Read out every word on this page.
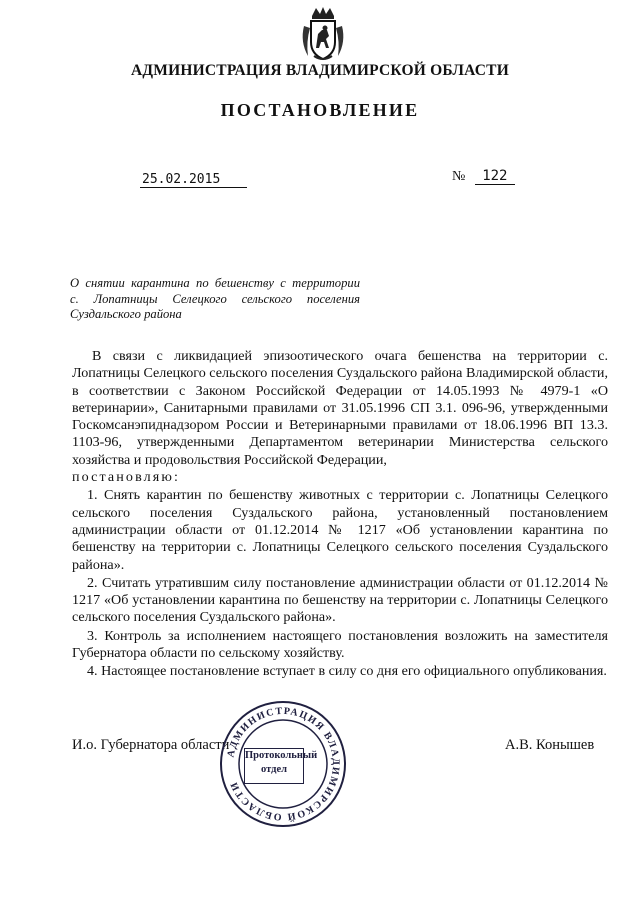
АДМИНИСТРАЦИЯ ВЛАДИМИРСКОЙ ОБЛАСТИ
ПОСТАНОВЛЕНИЕ
25.02.2015	№ 122
О снятии карантина по бешенству с территории
с. Лопатницы Селецкого сельского поселения
Суздальского района

В связи с ликвидацией эпизоотического очага бешенства на территории с. Лопатницы Селецкого сельского поселения Суздальского района Владимирской области, в соответствии с Законом Российской Федерации от 14.05.1993 № 4979-1 «О ветеринарии», Санитарными правилами от 31.05.1996 СП 3.1. 096-96, утвержденными Госкомсанэпиднадзором России и Ветеринарными правилами от 18.06.1996 ВП 13.3. 1103-96, утвержденными Департаментом ветеринарии Министерства сельского хозяйства и продовольствия Российской Федерации,

постановляю:

1. Снять карантин по бешенству животных с территории с. Лопатницы Селецкого сельского поселения Суздальского района, установленный постановлением администрации области от 01.12.2014 № 1217 «Об установлении карантина по бешенству на территории с. Лопатницы Селецкого сельского поселения Суздальского района».

2. Считать утратившим силу постановление администрации области от 01.12.2014 № 1217 «Об установлении карантина по бешенству на территории с. Лопатницы Селецкого сельского поселения Суздальского района».

3. Контроль за исполнением настоящего постановления возложить на заместителя Губернатора области по сельскому хозяйству.

4. Настоящее постановление вступает в силу со дня его официального опубликования.

И.о. Губернатора области	А.В. Конышев
АДМИНИСТРАЦИЯ ВЛАДИМИРСКОЙ ОБЛАСТИ
Протокольный
отдел
